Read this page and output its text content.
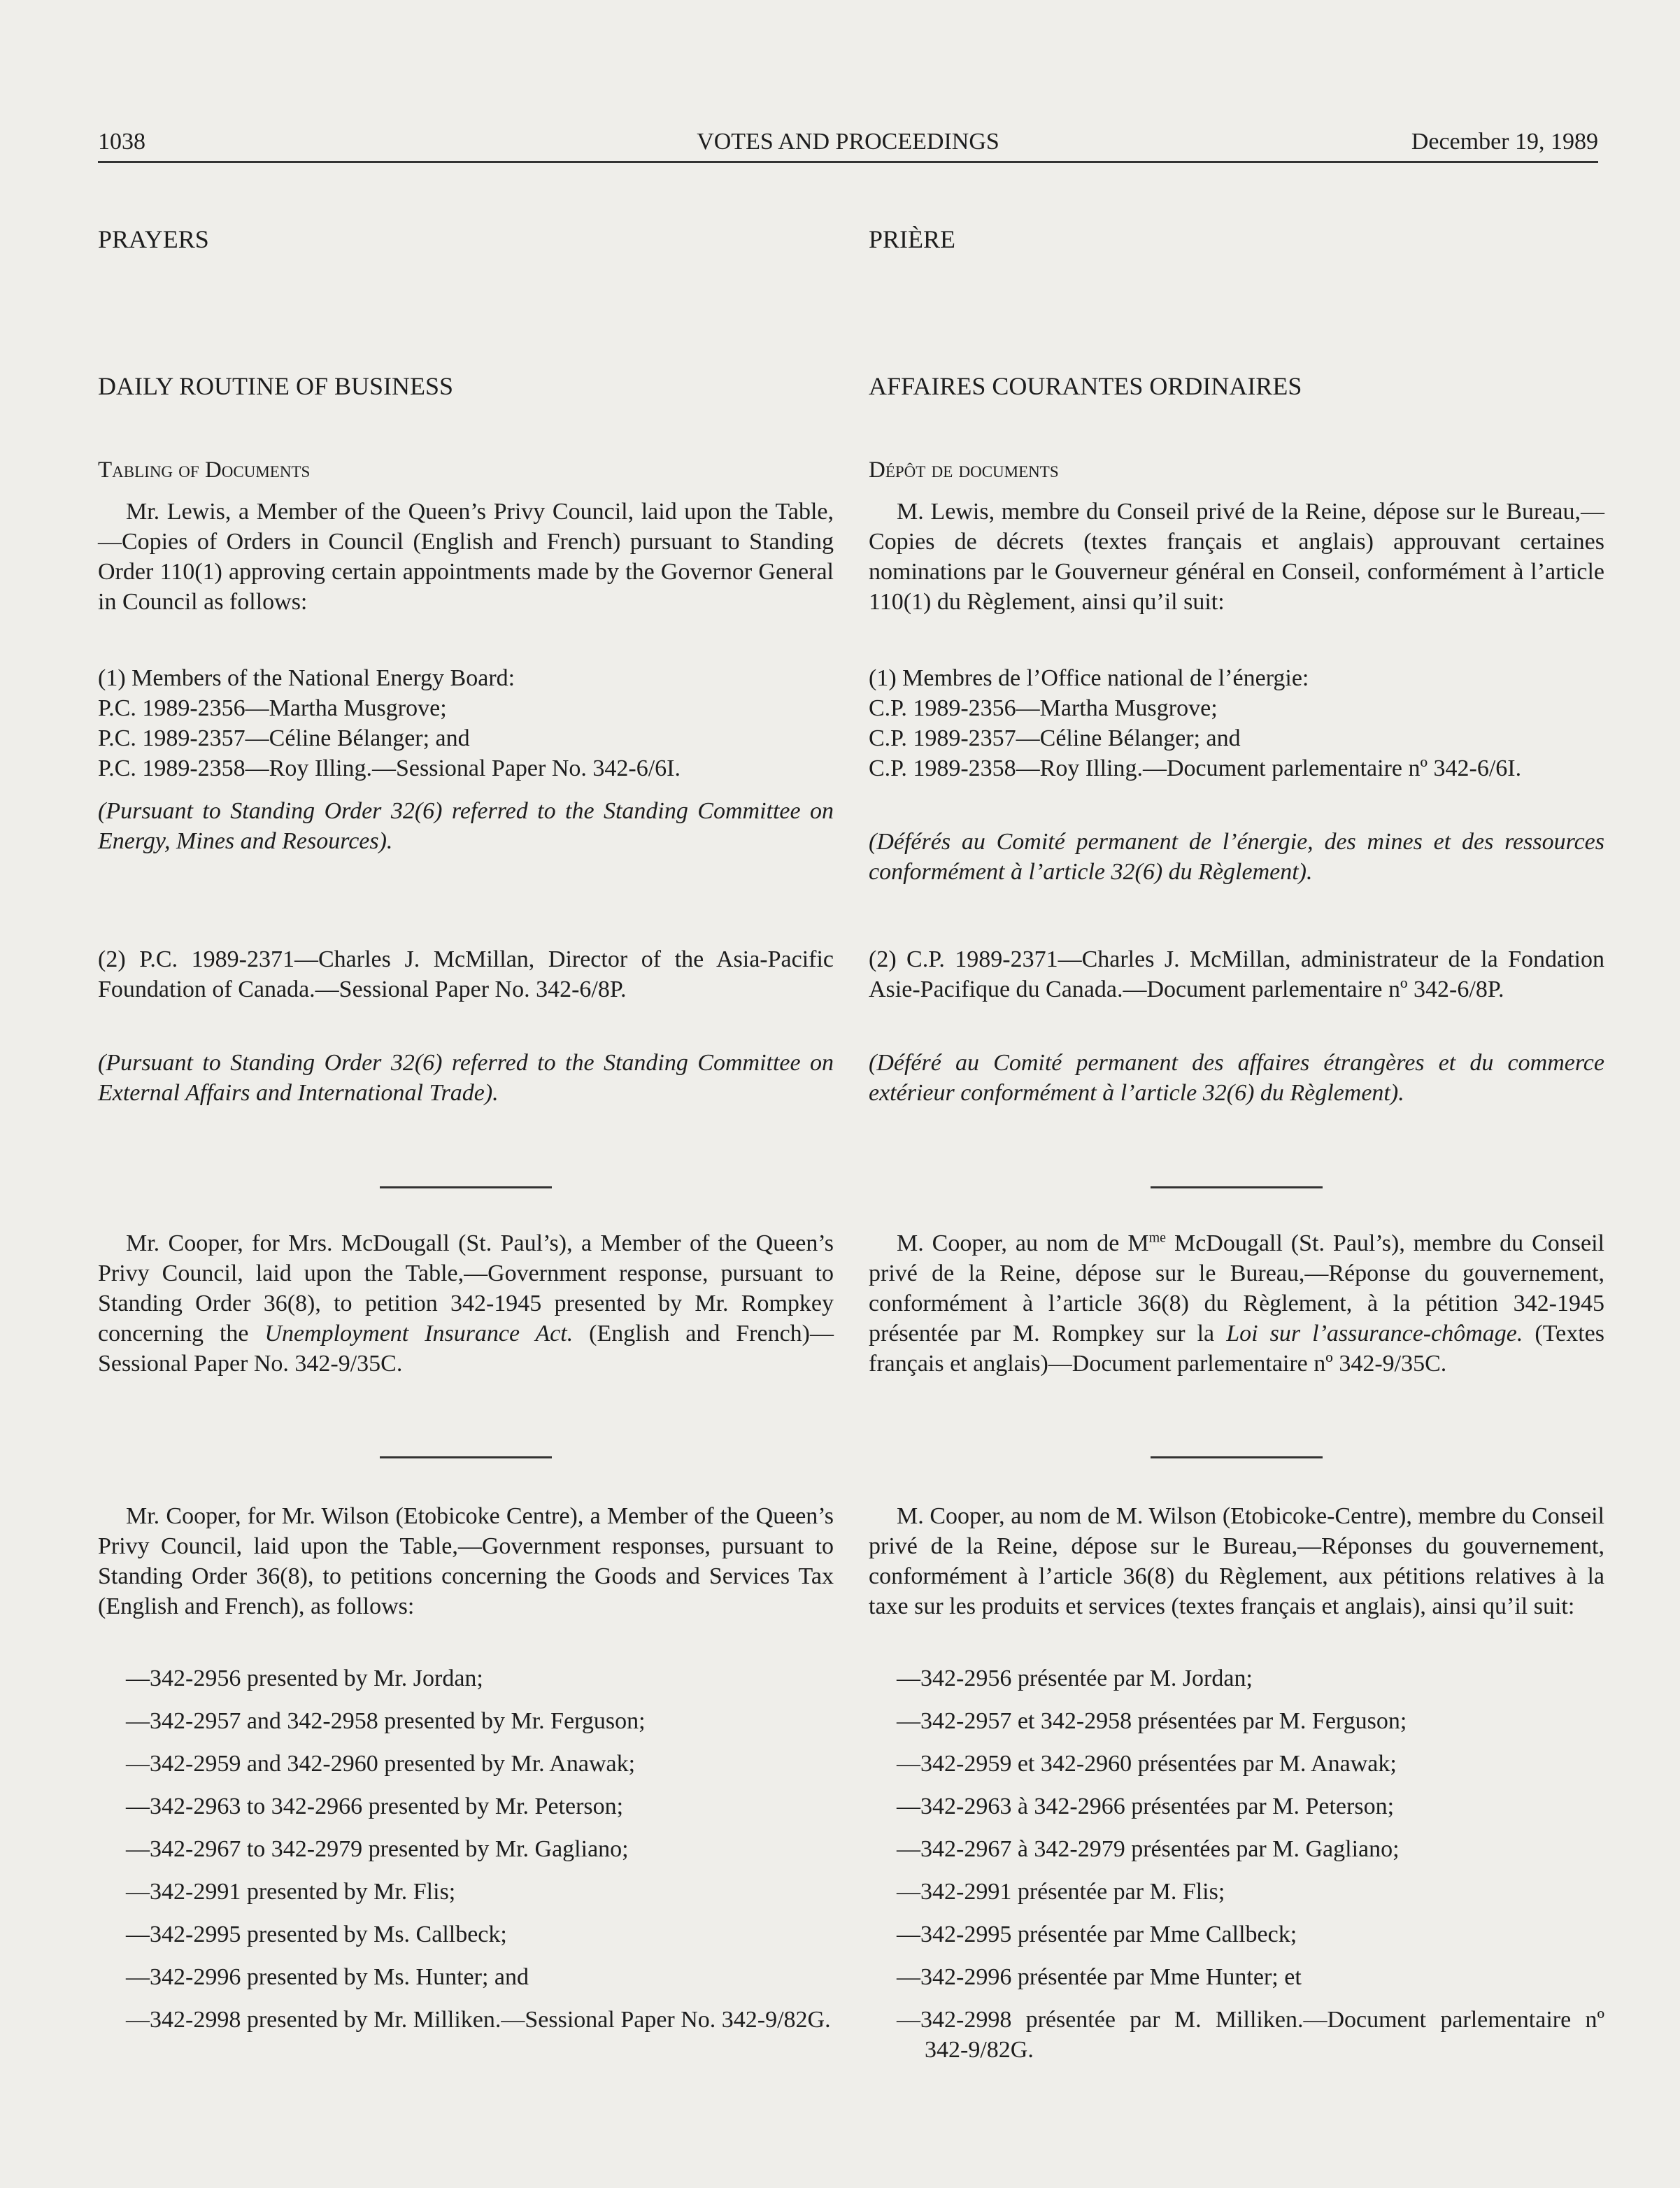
1038	VOTES AND PROCEEDINGS	December 19, 1989

PRAYERS

DAILY ROUTINE OF BUSINESS

Tabling of Documents

Mr. Lewis, a Member of the Queen’s Privy Council, laid upon the Table,—Copies of Orders in Council (English and French) pursuant to Standing Order 110(1) approving certain appointments made by the Governor General in Council as follows:

(1) Members of the National Energy Board:

P.C. 1989-2356—Martha Musgrove;

P.C. 1989-2357—Céline Bélanger; and

P.C. 1989-2358—Roy Illing.—Sessional Paper No. 342-6/6I.

(Pursuant to Standing Order 32(6) referred to the Standing Committee on Energy, Mines and Resources).

(2) P.C. 1989-2371—Charles J. McMillan, Director of the Asia-Pacific Foundation of Canada.—Sessional Paper No. 342-6/8P.

(Pursuant to Standing Order 32(6) referred to the Standing Committee on External Affairs and International Trade).

Mr. Cooper, for Mrs. McDougall (St. Paul’s), a Member of the Queen’s Privy Council, laid upon the Table,—Government response, pursuant to Standing Order 36(8), to petition 342-1945 presented by Mr. Rompkey concerning the Unemployment Insurance Act. (English and French)—Sessional Paper No. 342-9/35C.

Mr. Cooper, for Mr. Wilson (Etobicoke Centre), a Member of the Queen’s Privy Council, laid upon the Table,—Government responses, pursuant to Standing Order 36(8), to petitions concerning the Goods and Services Tax (English and French), as follows:

—342-2956 presented by Mr. Jordan;

—342-2957 and 342-2958 presented by Mr. Ferguson;

—342-2959 and 342-2960 presented by Mr. Anawak;

—342-2963 to 342-2966 presented by Mr. Peterson;

—342-2967 to 342-2979 presented by Mr. Gagliano;

—342-2991 presented by Mr. Flis;

—342-2995 presented by Ms. Callbeck;

—342-2996 presented by Ms. Hunter; and

—342-2998 presented by Mr. Milliken.—Sessional Paper No. 342-9/82G.

PRIÈRE

AFFAIRES COURANTES ORDINAIRES

Dépôt de documents

M. Lewis, membre du Conseil privé de la Reine, dépose sur le Bureau,—Copies de décrets (textes français et anglais) approuvant certaines nominations par le Gouverneur général en Conseil, conformément à l’article 110(1) du Règlement, ainsi qu’il suit:

(1) Membres de l’Office national de l’énergie:

C.P. 1989-2356—Martha Musgrove;

C.P. 1989-2357—Céline Bélanger; and

C.P. 1989-2358—Roy Illing.—Document parlementaire nº 342-6/6I.

(Déférés au Comité permanent de l’énergie, des mines et des ressources conformément à l’article 32(6) du Règlement).

(2) C.P. 1989-2371—Charles J. McMillan, administrateur de la Fondation Asie-Pacifique du Canada.—Document parlementaire nº 342-6/8P.

(Déféré au Comité permanent des affaires étrangères et du commerce extérieur conformément à l’article 32(6) du Règlement).

M. Cooper, au nom de $M^{me}$ McDougall (St. Paul’s), membre du Conseil privé de la Reine, dépose sur le Bureau,—Réponse du gouvernement, conformément à l’article 36(8) du Règlement, à la pétition 342-1945 présentée par M. Rompkey sur la Loi sur l’assurance-chômage. (Textes français et anglais)—Document parlementaire nº 342-9/35C.

M. Cooper, au nom de M. Wilson (Etobicoke-Centre), membre du Conseil privé de la Reine, dépose sur le Bureau,—Réponses du gouvernement, conformément à l’article 36(8) du Règlement, aux pétitions relatives à la taxe sur les produits et services (textes français et anglais), ainsi qu’il suit:

—342-2956 présentée par M. Jordan;

—342-2957 et 342-2958 présentées par M. Ferguson;

—342-2959 et 342-2960 présentées par M. Anawak;

—342-2963 à 342-2966 présentées par M. Peterson;

—342-2967 à 342-2979 présentées par M. Gagliano;

—342-2991 présentée par M. Flis;

—342-2995 présentée par Mme Callbeck;

—342-2996 présentée par Mme Hunter; et

—342-2998 présentée par M. Milliken.—Document parlementaire nº 342-9/82G.
